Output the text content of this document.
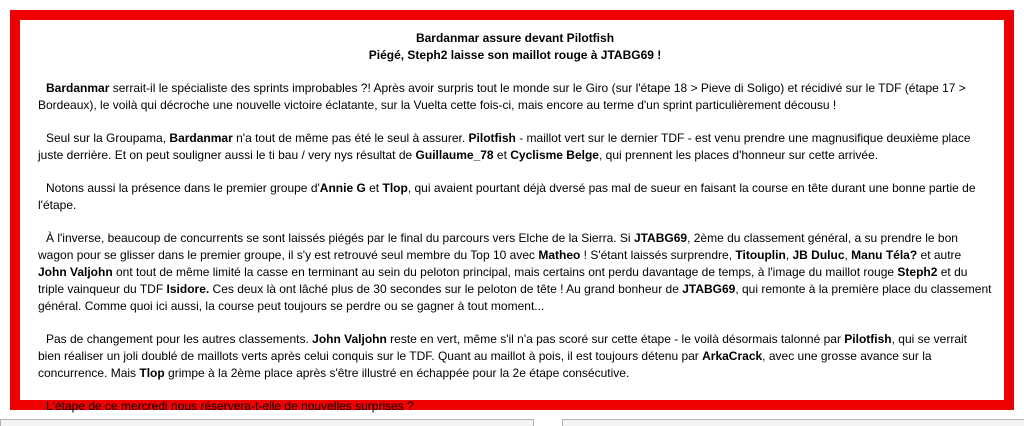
Bardanmar assure devant Pilotfish
Piégé, Steph2 laisse son maillot rouge à JTABG69 !

Bardanmar serrait-il le spécialiste des sprints improbables ?! Après avoir surpris tout le monde sur le Giro (sur l'étape 18 > Pieve di Soligo) et récidivé sur le TDF (étape 17 > Bordeaux), le voilà qui décroche une nouvelle victoire éclatante, sur la Vuelta cette fois-ci, mais encore au terme d'un sprint particulièrement décousu !

Seul sur la Groupama, Bardanmar n'a tout de même pas été le seul à assurer. Pilotfish - maillot vert sur le dernier TDF - est venu prendre une magnusifique deuxième place juste derrière. Et on peut souligner aussi le ti bau / very nys résultat de Guillaume_78 et Cyclisme Belge, qui prennent les places d'honneur sur cette arrivée.

Notons aussi la présence dans le premier groupe d'Annie G et Tlop, qui avaient pourtant déjà dversé pas mal de sueur en faisant la course en tête durant une bonne partie de l'étape.

À l'inverse, beaucoup de concurrents se sont laissés piégés par le final du parcours vers Elche de la Sierra. Si JTABG69, 2ème du classement général, a su prendre le bon wagon pour se glisser dans le premier groupe, il s'y est retrouvé seul membre du Top 10 avec Matheo ! S'étant laissés surprendre, Titouplin, JB Duluc, Manu Téla? et autre John Valjohn ont tout de même limité la casse en terminant au sein du peloton principal, mais certains ont perdu davantage de temps, à l'image du maillot rouge Steph2 et du triple vainqueur du TDF Isidore. Ces deux là ont lâché plus de 30 secondes sur le peloton de tête ! Au grand bonheur de JTABG69, qui remonte à la première place du classement général. Comme quoi ici aussi, la course peut toujours se perdre ou se gagner à tout moment...

Pas de changement pour les autres classements. John Valjohn reste en vert, même s'il n'a pas scoré sur cette étape - le voilà désormais talonné par Pilotfish, qui se verrait bien réaliser un joli doublé de maillots verts après celui conquis sur le TDF. Quant au maillot à pois, il est toujours détenu par ArkaCrack, avec une grosse avance sur la concurrence. Mais Tlop grimpe à la 2ème place après s'être illustré en échappée pour la 2e étape consécutive.

L'étape de ce mercredi nous réservera-t-elle de nouvelles surprises ?
